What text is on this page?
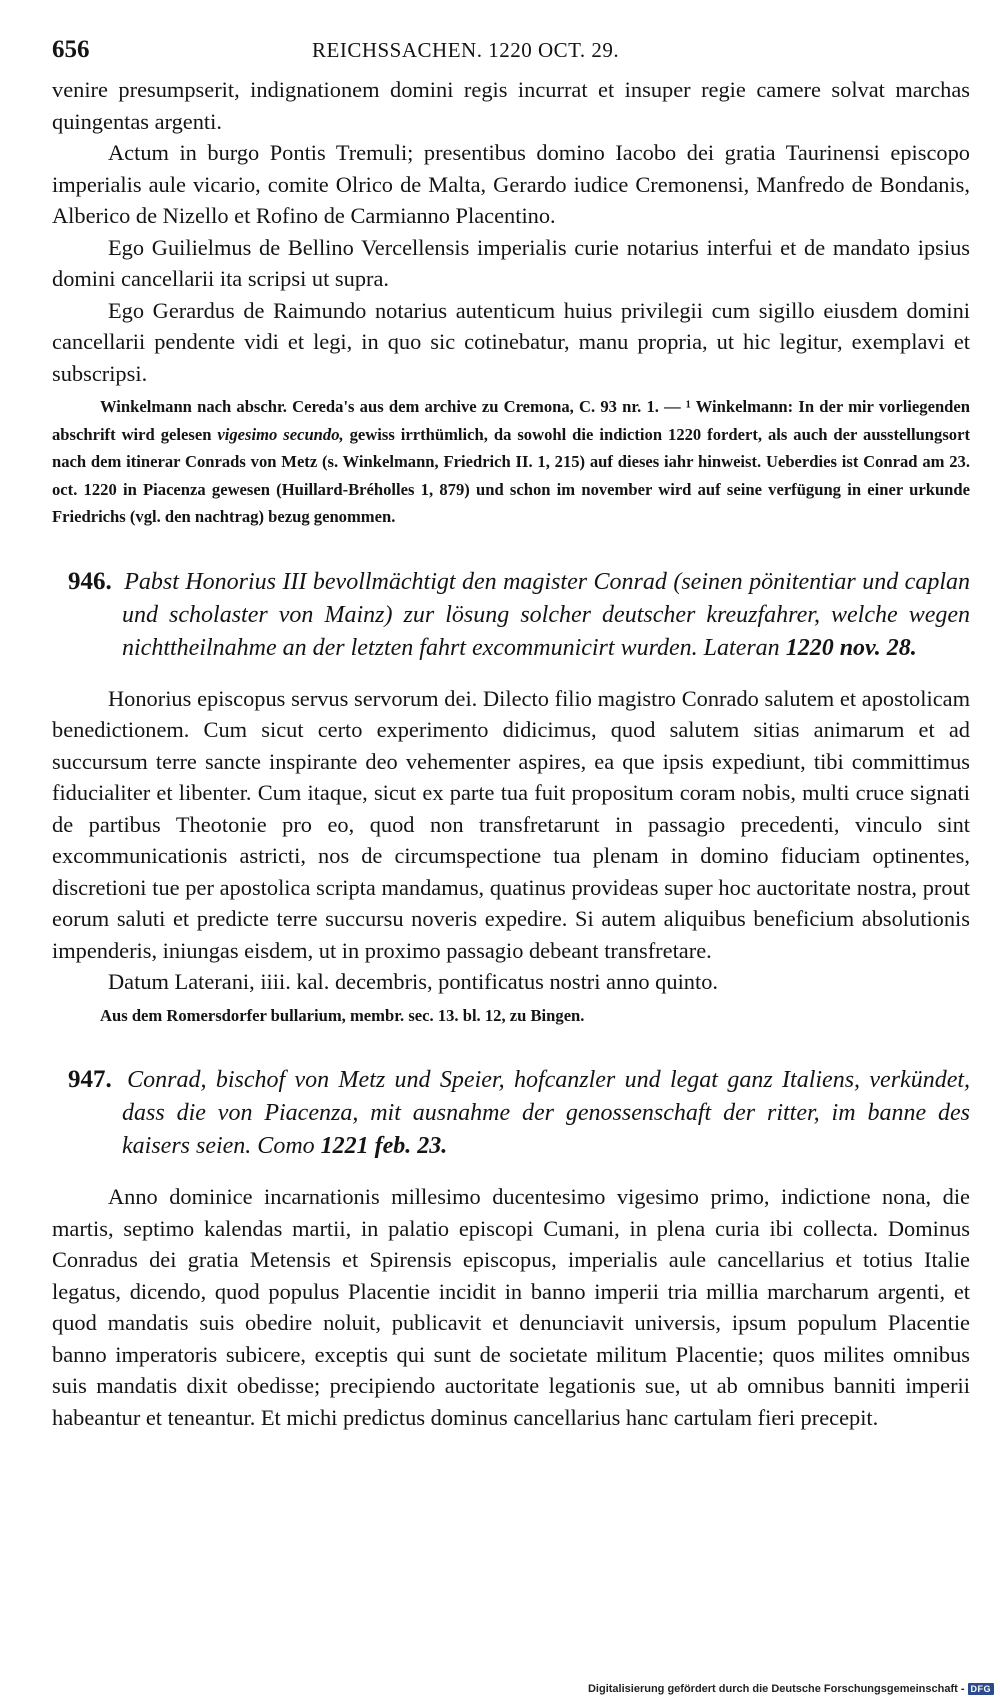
656	REICHSSACHEN. 1220 OCT. 29.

venire presumpserit, indignationem domini regis incurrat et insuper regie camere solvat marchas quingentas argenti.

Actum in burgo Pontis Tremuli; presentibus domino Iacobo dei gratia Taurinensi episcopo imperialis aule vicario, comite Olrico de Malta, Gerardo iudice Cremonensi, Manfredo de Bondanis, Alberico de Nizello et Rofino de Carmianno Placentino.

Ego Guilielmus de Bellino Vercellensis imperialis curie notarius interfui et de mandato ipsius domini cancellarii ita scripsi ut supra.

Ego Gerardus de Raimundo notarius autenticum huius privilegii cum sigillo eiusdem domini cancellarii pendente vidi et legi, in quo sic cotinebatur, manu propria, ut hic legitur, exemplavi et subscripsi.

Winkelmann nach abschr. Cereda's aus dem archive zu Cremona, C. 93 nr. 1. — ¹ Winkelmann: In der mir vorliegenden abschrift wird gelesen vigesimo secundo, gewiss irrthümlich, da sowohl die indiction 1220 fordert, als auch der ausstellungsort nach dem itinerar Conrads von Metz (s. Winkelmann, Friedrich II. 1, 215) auf dieses iahr hinweist. Ueberdies ist Conrad am 23. oct. 1220 in Piacenza gewesen (Huillard-Bréholles 1, 879) und schon im november wird auf seine verfügung in einer urkunde Friedrichs (vgl. den nachtrag) bezug genommen.

946. Pabst Honorius III bevollmächtigt den magister Conrad (seinen pönitentiar und caplan und scholaster von Mainz) zur lösung solcher deutscher kreuzfahrer, welche wegen nichttheilnahme an der letzten fahrt excommunicirt wurden. Lateran 1220 nov. 28.

Honorius episcopus servus servorum dei. Dilecto filio magistro Conrado salutem et apostolicam benedictionem. Cum sicut certo experimento didicimus, quod salutem sitias animarum et ad succursum terre sancte inspirante deo vehementer aspires, ea que ipsis expediunt, tibi committimus fiducialiter et libenter. Cum itaque, sicut ex parte tua fuit propositum coram nobis, multi cruce signati de partibus Theotonie pro eo, quod non transfretarunt in passagio precedenti, vinculo sint excommunicationis astricti, nos de circumspectione tua plenam in domino fiduciam optinentes, discretioni tue per apostolica scripta mandamus, quatinus provideas super hoc auctoritate nostra, prout eorum saluti et predicte terre succursu noveris expedire. Si autem aliquibus beneficium absolutionis impenderis, iniungas eisdem, ut in proximo passagio debeant transfretare.

Datum Laterani, iiii. kal. decembris, pontificatus nostri anno quinto.

Aus dem Romersdorfer bullarium, membr. sec. 13. bl. 12, zu Bingen.

947. Conrad, bischof von Metz und Speier, hofcanzler und legat ganz Italiens, verkündet, dass die von Piacenza, mit ausnahme der genossenschaft der ritter, im banne des kaisers seien. Como 1221 feb. 23.

Anno dominice incarnationis millesimo ducentesimo vigesimo primo, indictione nona, die martis, septimo kalendas martii, in palatio episcopi Cumani, in plena curia ibi collecta. Dominus Conradus dei gratia Metensis et Spirensis episcopus, imperialis aule cancellarius et totius Italie legatus, dicendo, quod populus Placentie incidit in banno imperii tria millia marcharum argenti, et quod mandatis suis obedire noluit, publicavit et denunciavit universis, ipsum populum Placentie banno imperatoris subicere, exceptis qui sunt de societate militum Placentie; quos milites omnibus suis mandatis dixit obedisse; precipiendo auctoritate legationis sue, ut ab omnibus banniti imperii habeantur et teneantur. Et michi predictus dominus cancellarius hanc cartulam fieri precepit.

Digitalisierung gefördert durch die Deutsche Forschungsgemeinschaft - DFG
